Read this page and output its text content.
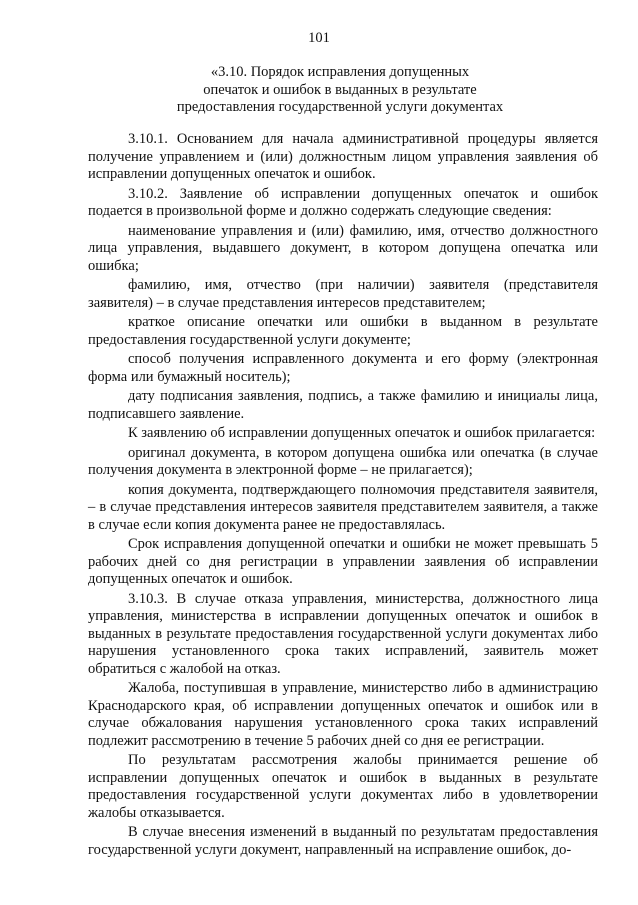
101
«3.10. Порядок исправления допущенных
опечаток и ошибок в выданных в результате
предоставления государственной услуги документах

3.10.1. Основанием для начала административной процедуры является получение управлением и (или) должностным лицом управления заявления об исправлении допущенных опечаток и ошибок.

3.10.2. Заявление об исправлении допущенных опечаток и ошибок подается в произвольной форме и должно содержать следующие сведения:

наименование управления и (или) фамилию, имя, отчество должностного лица управления, выдавшего документ, в котором допущена опечатка или ошибка;

фамилию, имя, отчество (при наличии) заявителя (представителя заявителя) – в случае представления интересов представителем;

краткое описание опечатки или ошибки в выданном в результате предоставления государственной услуги документе;

способ получения исправленного документа и его форму (электронная форма или бумажный носитель);

дату подписания заявления, подпись, а также фамилию и инициалы лица, подписавшего заявление.

К заявлению об исправлении допущенных опечаток и ошибок прилагается:

оригинал документа, в котором допущена ошибка или опечатка (в случае получения документа в электронной форме – не прилагается);

копия документа, подтверждающего полномочия представителя заявителя, – в случае представления интересов заявителя представителем заявителя, а также в случае если копия документа ранее не предоставлялась.

Срок исправления допущенной опечатки и ошибки не может превышать 5 рабочих дней со дня регистрации в управлении заявления об исправлении допущенных опечаток и ошибок.

3.10.3. В случае отказа управления, министерства, должностного лица управления, министерства в исправлении допущенных опечаток и ошибок в выданных в результате предоставления государственной услуги документах либо нарушения установленного срока таких исправлений, заявитель может обратиться с жалобой на отказ.

Жалоба, поступившая в управление, министерство либо в администрацию Краснодарского края, об исправлении допущенных опечаток и ошибок или в случае обжалования нарушения установленного срока таких исправлений подлежит рассмотрению в течение 5 рабочих дней со дня ее регистрации.

По результатам рассмотрения жалобы принимается решение об исправлении допущенных опечаток и ошибок в выданных в результате предоставления государственной услуги документах либо в удовлетворении жалобы отказывается.

В случае внесения изменений в выданный по результатам предоставления государственной услуги документ, направленный на исправление ошибок, до-
